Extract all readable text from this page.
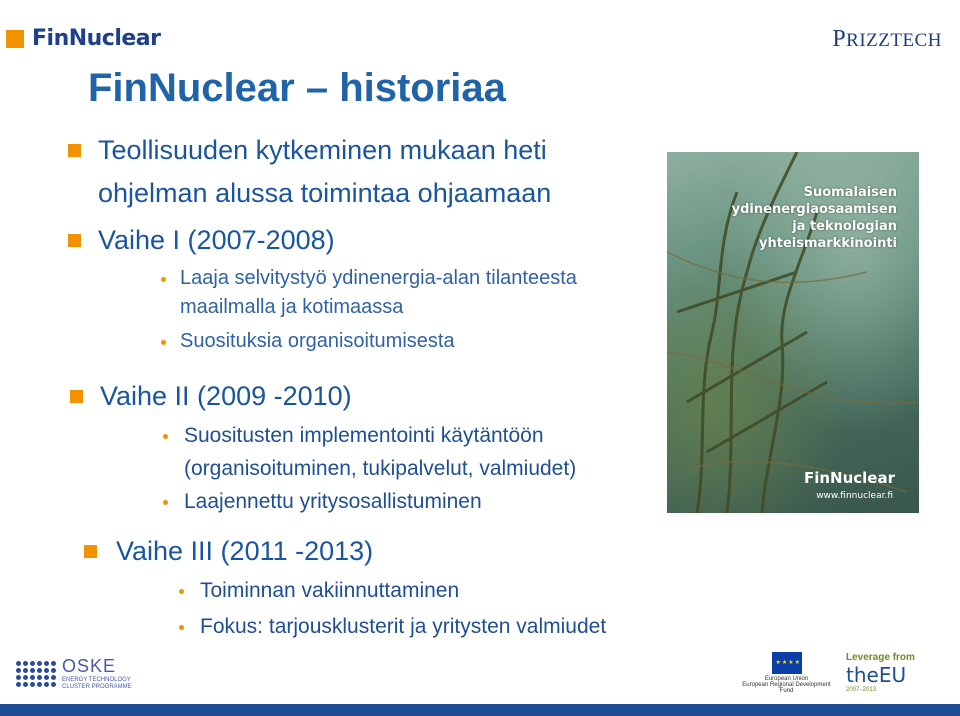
FinNuclear	PRIZZTECH
FinNuclear – historiaa
Teollisuuden kytkeminen mukaan heti
ohjelman alussa toimintaa ohjaamaan
Vaihe I (2007-2008)
Laaja selvitystyö ydinenergia-alan tilanteesta
maailmalla ja kotimaassa
Suosituksia organisoitumisesta
Vaihe II (2009 -2010)
Suositusten implementointi käytäntöön
(organisoituminen, tukipalvelut, valmiudet)
Laajennettu yritysosallistuminen
Vaihe III (2011 -2013)
Toiminnan vakiinnuttaminen
Fokus: tarjousklusterit ja yritysten valmiudet
Suomalaisen
ydinenergiaosaamisen
ja teknologian
yhteismarkkinointi
FinNuclear
www.finnuclear.fi
OSKE
ENERGY TECHNOLOGY
CLUSTER PROGRAMME
★★★★
European Union
European Regional Development Fund
Leverage from
theEU
2007–2013
